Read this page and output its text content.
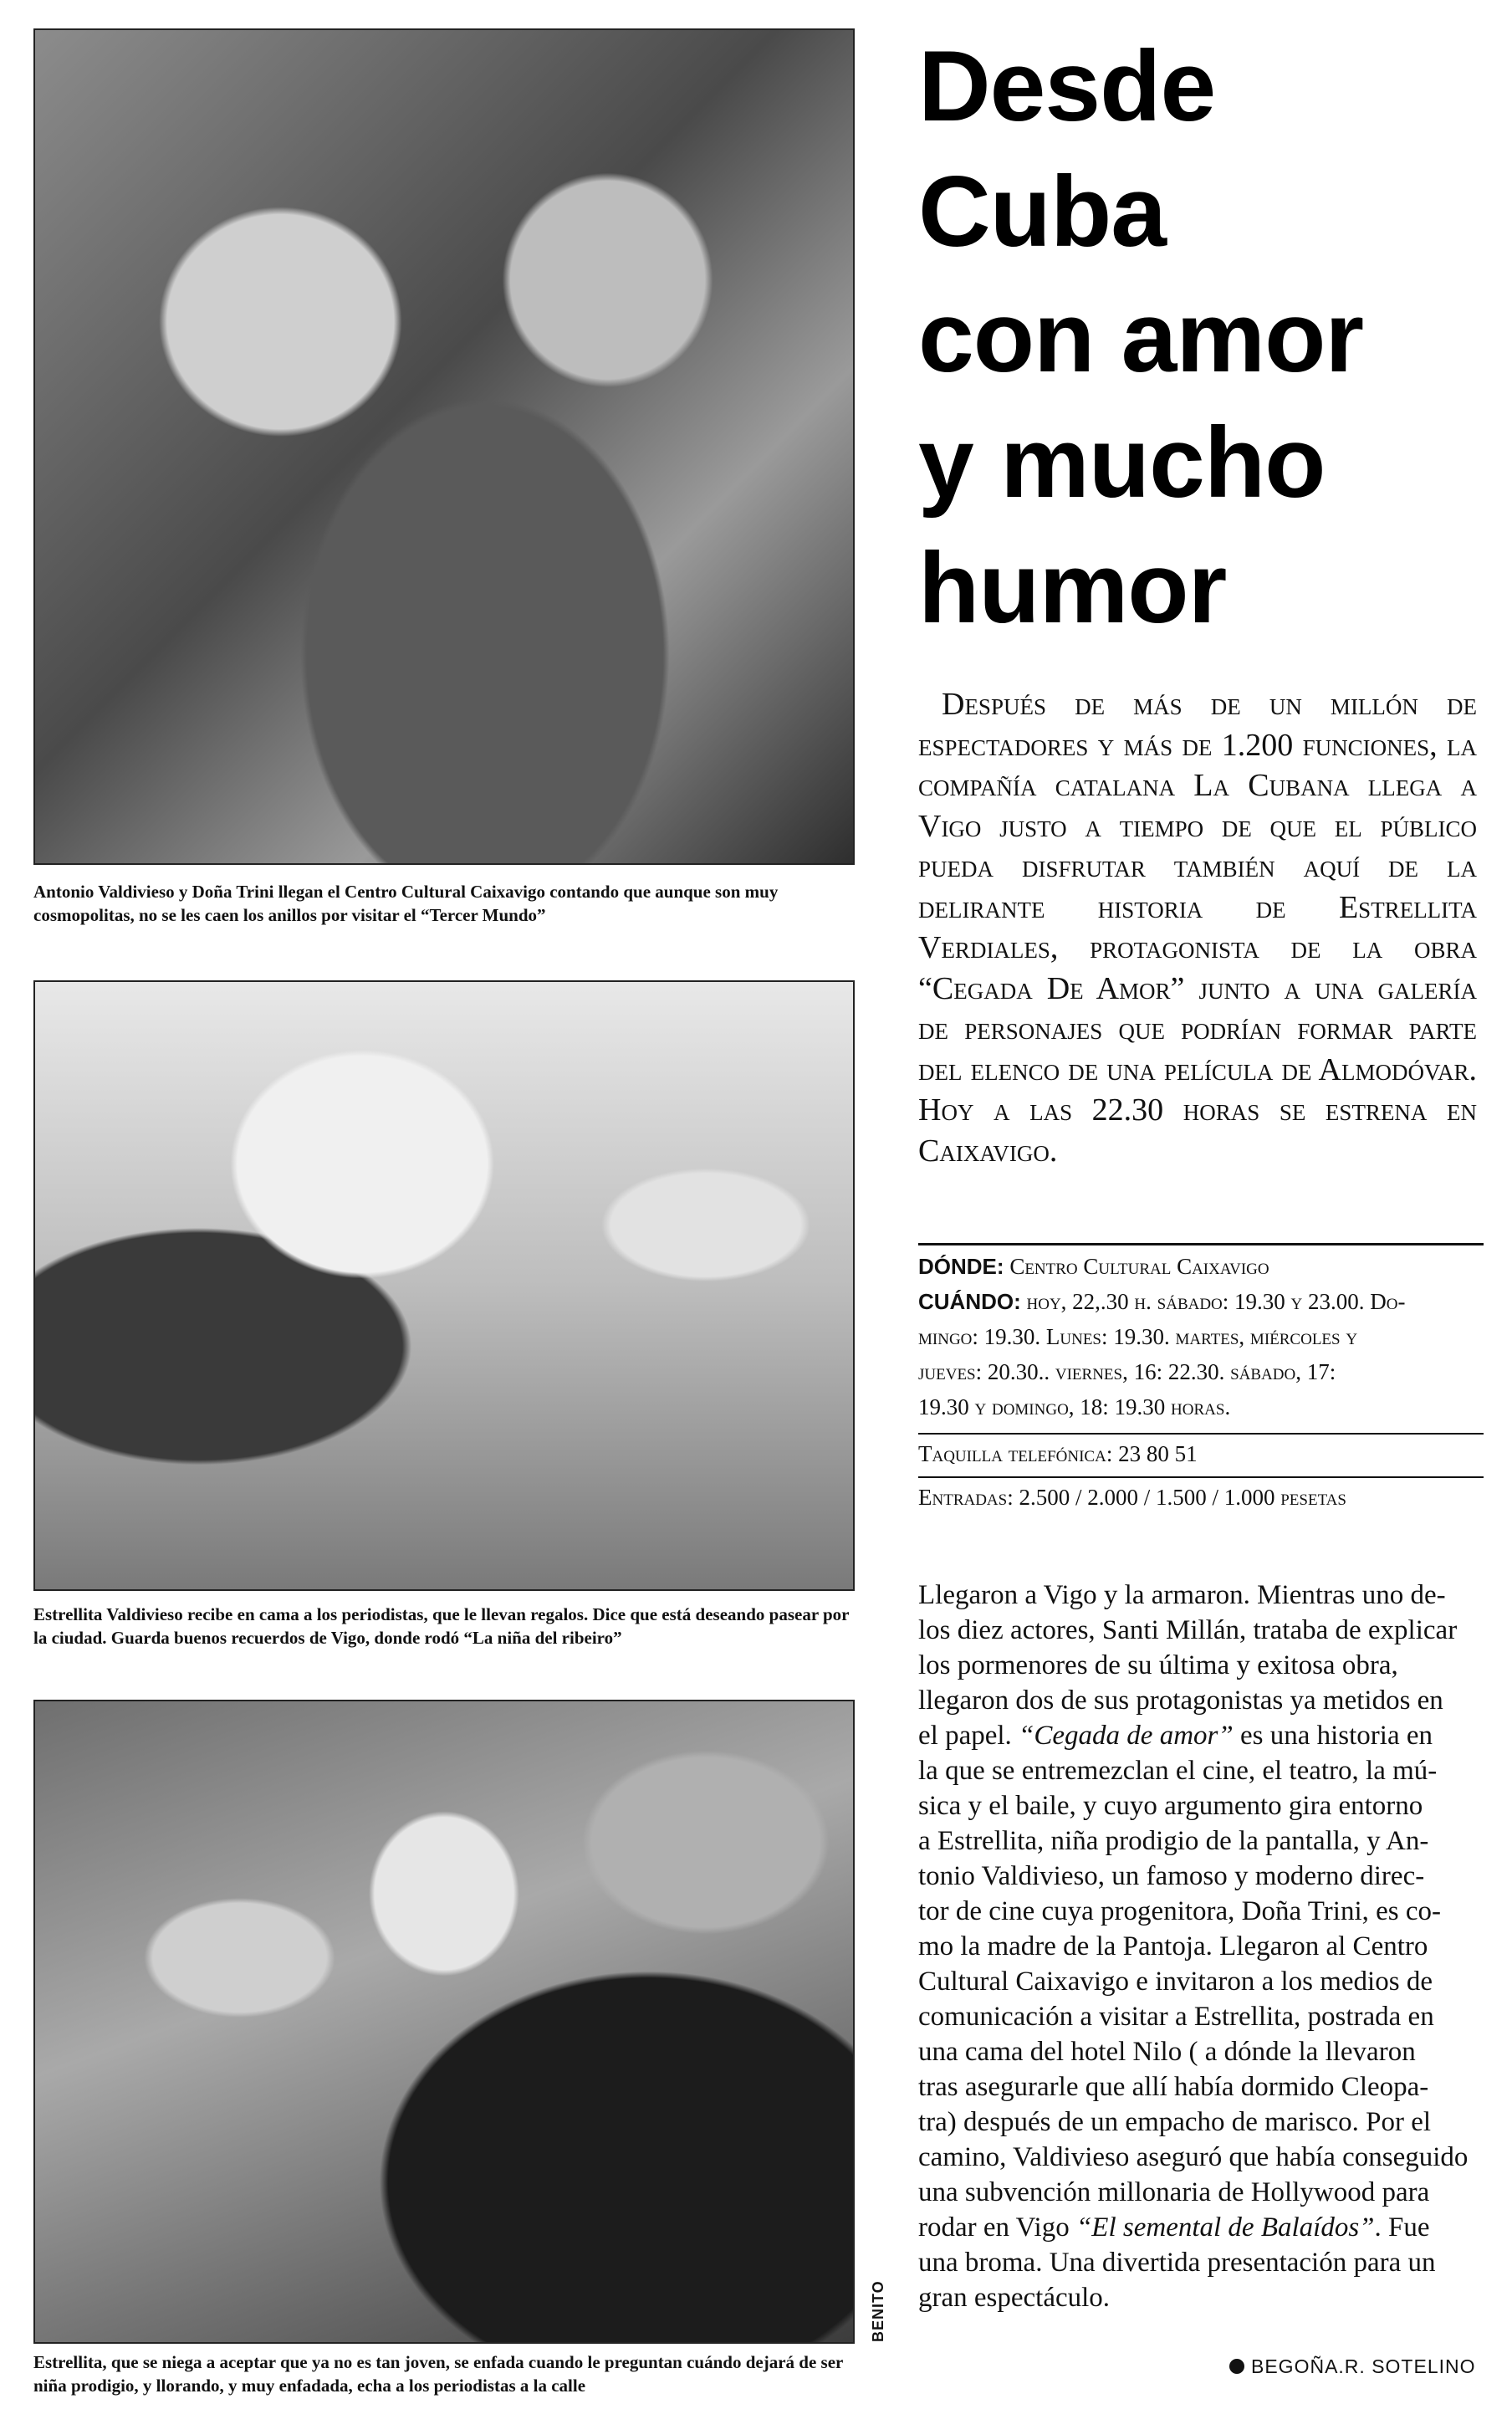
Antonio Valdivieso y Doña Trini llegan el Centro Cultural Caixavigo contando que aunque son muy cosmopolitas, no se les caen los anillos por visitar el “Tercer Mundo”
Estrellita Valdivieso recibe en cama a los periodistas, que le llevan regalos. Dice que está deseando pasear por la ciudad. Guarda buenos recuerdos de Vigo, donde rodó “La niña del ribeiro”
Estrellita, que se niega a aceptar que ya no es tan joven, se enfada cuando le preguntan cuándo dejará de ser niña prodigio, y llorando, y muy enfadada, echa a los periodistas a la calle
BENITO
Desde
Cuba
con amor
y mucho
humor
Después de más de un millón de espectadores y más de 1.200 funciones, la compañía catalana La Cubana llega a Vigo justo a tiempo de que el público pueda disfrutar también aquí de la delirante historia de Estrellita Verdiales, protagonista de la obra “Cegada De Amor” junto a una galería de personajes que podrían formar parte del elenco de una película de Almodóvar. Hoy a las 22.30 horas se estrena en Caixavigo.
DÓNDE: Centro Cultural Caixavigo
CUÁNDO: hoy, 22,.30 h. sábado: 19.30 y 23.00. Do-
mingo: 19.30. Lunes: 19.30. martes, miércoles y
jueves: 20.30.. viernes, 16: 22.30. sábado, 17:
19.30 y domingo, 18: 19.30 horas.
Taquilla telefónica: 23 80 51
Entradas: 2.500 / 2.000 / 1.500 / 1.000 pesetas
Llegaron a Vigo y la armaron. Mientras uno de-
los diez actores, Santi Millán, trataba de explicar
los pormenores de su última y exitosa obra,
llegaron dos de sus protagonistas ya metidos en
el papel. “Cegada de amor” es una historia en
la que se entremezclan el cine, el teatro, la mú-
sica y el baile, y cuyo argumento gira entorno
a Estrellita, niña prodigio de la pantalla, y An-
tonio Valdivieso, un famoso y moderno direc-
tor de cine cuya progenitora, Doña Trini, es co-
mo la madre de la Pantoja. Llegaron al Centro
Cultural Caixavigo e invitaron a los medios de
comunicación a visitar a Estrellita, postrada en
una cama del hotel Nilo ( a dónde la llevaron
tras asegurarle que allí había dormido Cleopa-
tra) después de un empacho de marisco. Por el
camino, Valdivieso aseguró que había conseguido
una subvención millonaria de Hollywood para
rodar en Vigo “El semental de Balaídos”. Fue
una broma. Una divertida presentación para un
gran espectáculo.
BEGOÑA.R. SOTELINO
